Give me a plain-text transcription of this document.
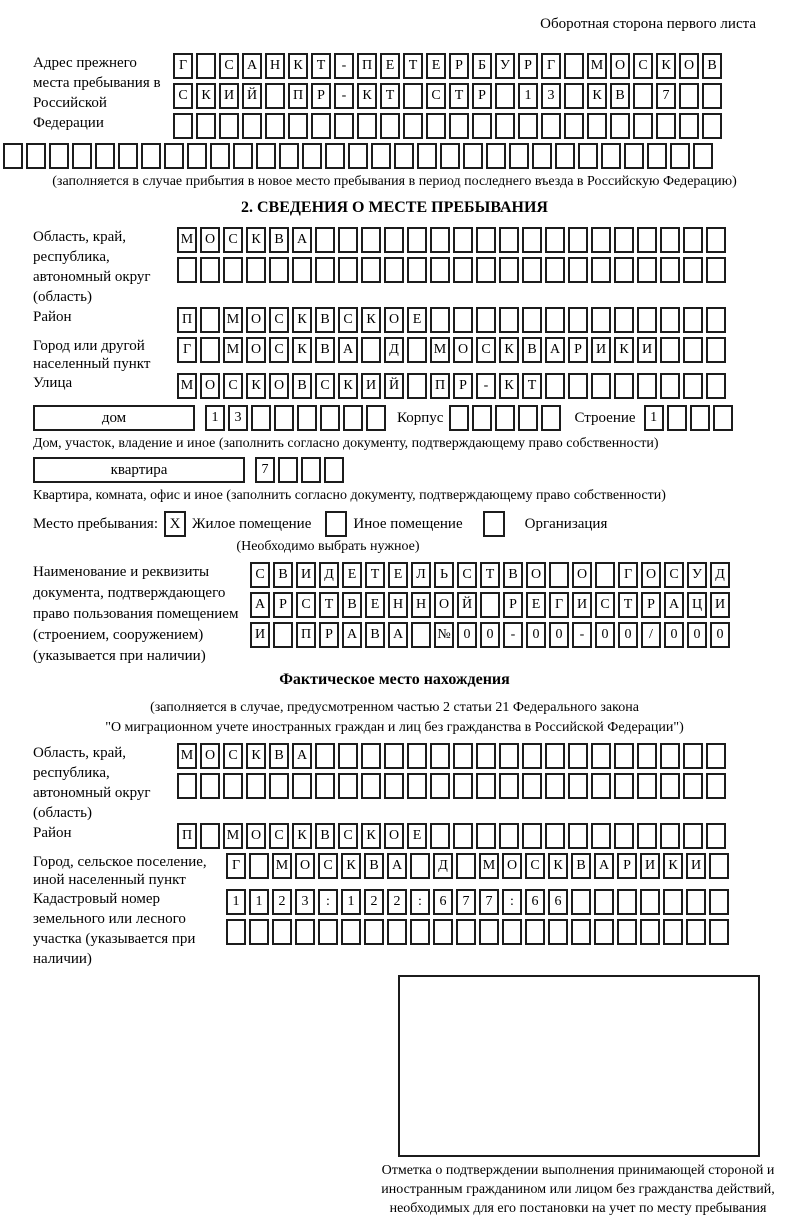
Оборотная сторона первого листа
Адрес прежнего места пребывания в Российской Федерации
Г	С А Н К Т - П Е Т Е Р Б У Р Г	М О С К О В
С К И Й	П Р - К Т	С Т Р	1 3	К В	7
(заполняется в случае прибытия в новое место пребывания в период последнего въезда в Российскую Федерацию)
2. СВЕДЕНИЯ О МЕСТЕ ПРЕБЫВАНИЯ
Область, край, республика, автономный округ (область)
М О С К В А
Район	П М О С К В С К О Е
Город или другой населенный пункт
Г	М О С К В А	Д М О С К В А Р И К И
Улица	М О С К О В С К И Й	П Р - К Т
дом	1 3	Корпус	Строение 1
Дом, участок, владение и иное (заполнить согласно документу, подтверждающему право собственности)
квартира	7
Квартира, комната, офис и иное (заполнить согласно документу, подтверждающему право собственности)
Место пребывания: X Жилое помещение	Иное помещение	Организация
(Необходимо выбрать нужное)
Наименование и реквизиты документа, подтверждающего право пользования помещением (строением, сооружением) (указывается при наличии)
С В И Д Е Т Е Л Ь С Т В О	О	Г О С У Д
А Р С Т В Е Н Н О Й	Р Е Г И С Т Р А Ц И
И	П Р А В А № 0 0 - 0 0 - 0 0 / 0 0 0
Фактическое место нахождения
(заполняется в случае, предусмотренном частью 2 статьи 21 Федерального закона
"О миграционном учете иностранных граждан и лиц без гражданства в Российской Федерации")
Область, край, республика, автономный округ (область)
М О С К В А
Район	П М О С К В С К О Е
Город, сельское поселение, иной населенный пункт
Г	М О С К В А	Д М О С К В А Р И К И
Кадастровый номер земельного или лесного участка (указывается при наличии)
1 1 2 3 : 1 2 2 : 6 7 7 : 6 6
Отметка о подтверждении выполнения принимающей стороной и иностранным гражданином или лицом без гражданства действий, необходимых для его постановки на учет по месту пребывания
